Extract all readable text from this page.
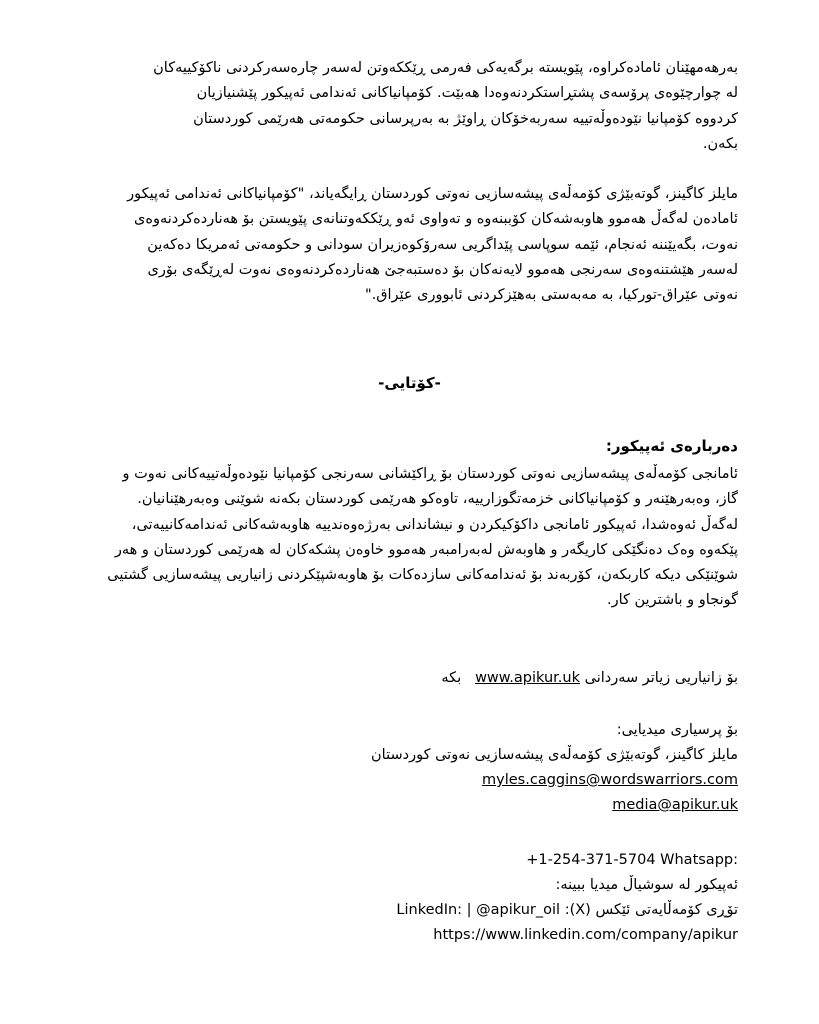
بەرهەمهێنان ئامادەکراوە، پێویستە برگەیەکی فەرمی ڕێککەوتن لەسەر چارەسەرکردنی ناکۆکییەکان
لە چوارچێوەی پرۆسەی پشتڕاستکردنەوەدا هەبێت. کۆمپانیاکانی ئەندامی ئەپیکور پێشنیازیان
کردووە کۆمپانیا نێودەوڵەتییە سەربەخۆکان ڕاوێژ بە بەرپرسانی حکومەتی هەرێمی کوردستان
بکەن.
مایلز کاگینز، گوتەبێژی کۆمەڵەی پیشەسازیی نەوتی کوردستان ڕایگەیاند، "کۆمپانیاکانی ئەندامی ئەپیکور
ئامادەن لەگەڵ هەموو هاوبەشەکان کۆببنەوە و تەواوی ئەو ڕێککەوتنانەی پێویستن بۆ هەناردەکردنەوەی
نەوت، بگەیێننە ئەنجام، ئێمە سوپاسی پێداگریی سەرۆکوەزیران سودانی و حکومەتی ئەمریکا دەکەین
لەسەر هێشتنەوەی سەرنجی هەموو لایەنەکان بۆ دەستبەجێ هەناردەکردنەوەی نەوت لەڕێگەی بۆری
نەوتی عێراق-تورکیا، بە مەبەستی بەهێزکردنی ئابووری عێراق."
-کۆتایی-
دەربارەی ئەپیکور:
ئامانجی کۆمەڵەی پیشەسازیی نەوتی کوردستان بۆ ڕاکێشانی سەرنجی کۆمپانیا نێودەوڵەتییەکانی نەوت و
گاز، وەبەرهێنەر و کۆمپانیاکانی خزمەتگوزارییە، تاوەکو هەرێمی کوردستان بکەنە شوێنی وەبەرهێنانیان.
لەگەڵ ئەوەشدا، ئەپیکور ئامانجی داکۆکیکردن و نیشاندانی بەرژەوەندییە هاوبەشەکانی ئەندامەکانییەتی،
پێکەوە وەک دەنگێکی کاریگەر و هاوبەش لەبەرامبەر هەموو خاوەن پشکەکان لە هەرێمی کوردستان و هەر
شوێنێکی دیکە کاربکەن، کۆربەند بۆ ئەندامەکانی سازدەکات بۆ هاوبەشپێکردنی زانیاریی پیشەسازیی گشتیی
گونجاو و باشترین کار.
بۆ زانیاریی زیاتر سەردانی www.apikur.uk   بکە
بۆ پرسیاری میدیایی:
مایلز کاگینز، گوتەبێژی کۆمەڵەی پیشەسازیی نەوتی کوردستان
myles.caggins@wordswarriors.com
media@apikur.uk
Whatsapp: +1-254-371-5704
ئەپیکور لە سوشیاڵ میدیا ببینە:
تۆڕی کۆمەڵایەتی ئێکس (X): @apikur_oil | LinkedIn:
https://www.linkedin.com/company/apikur
